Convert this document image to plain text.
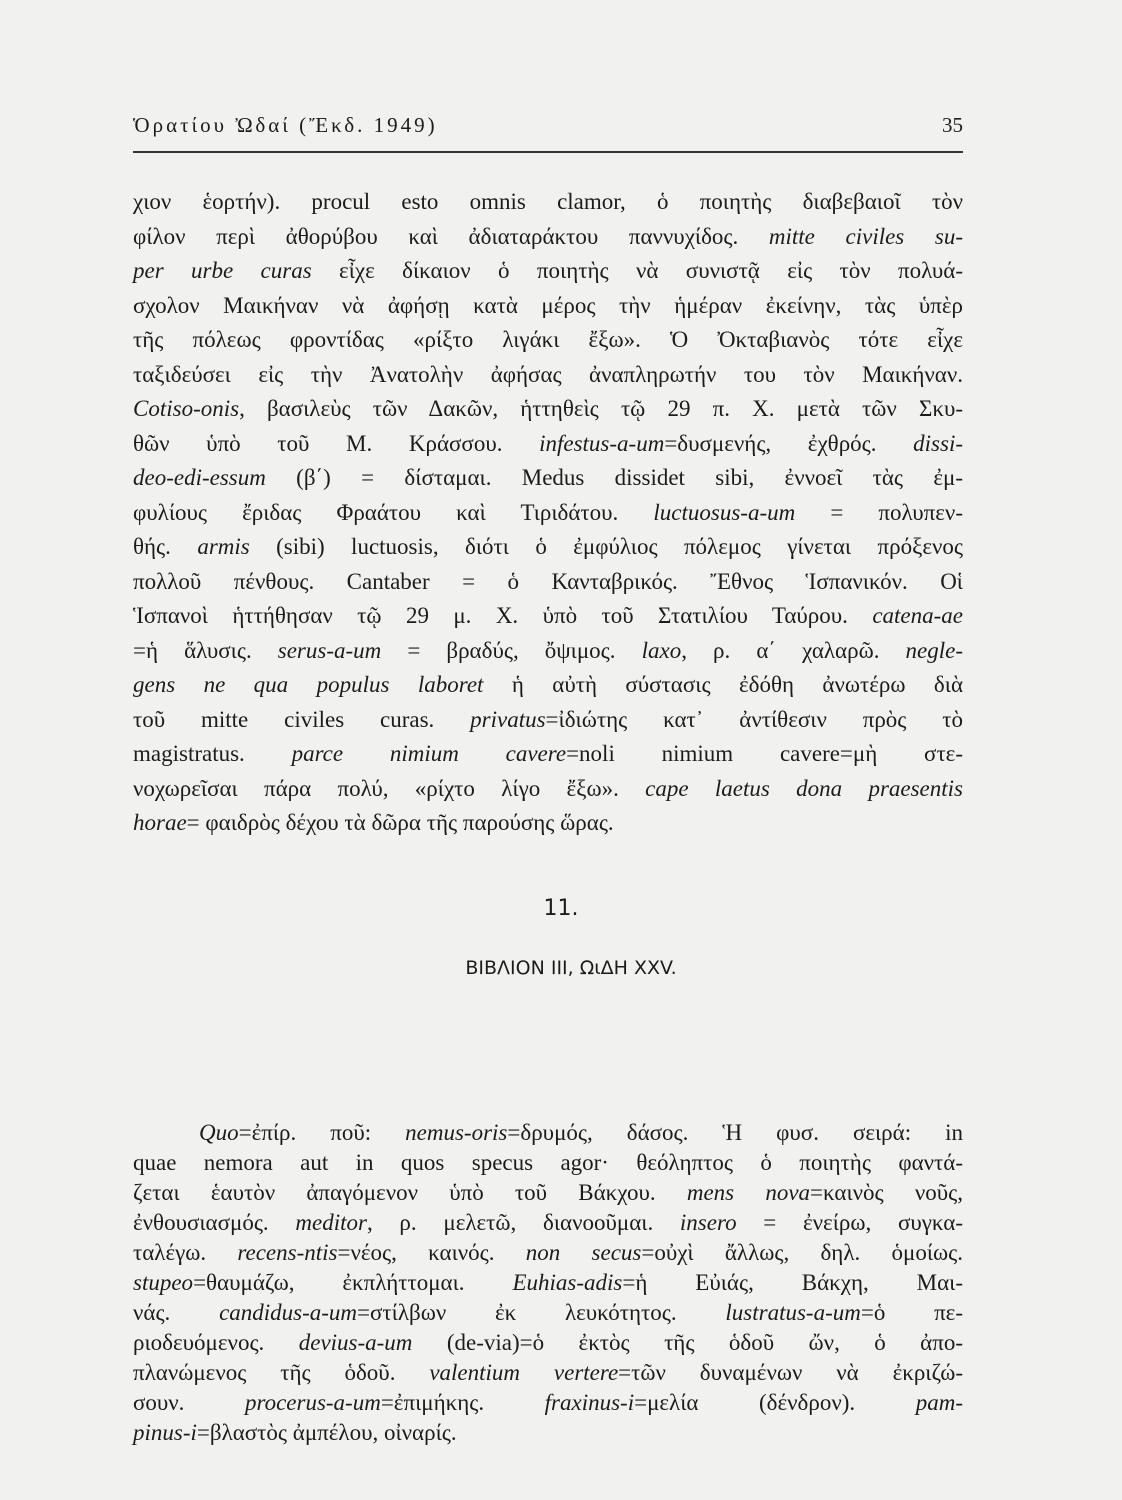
Ὁρατίου Ὠδαί (Ἔκδ. 1949)	35
χιον ἑορτήν). procul esto omnis clamor, ὁ ποιητὴς διαβεβαιοῖ τὸν
φίλον περὶ ἀθορύβου καὶ ἀδιαταράκτου παννυχίδος. mitte civiles su-
per urbe curas εἶχε δίκαιον ὁ ποιητὴς νὰ συνιστᾷ εἰς τὸν πολυά-
σχολον Μαικήναν νὰ ἀφήσῃ κατὰ μέρος τὴν ἡμέραν ἐκείνην, τὰς ὑπὲρ
τῆς πόλεως φροντίδας «ρίξτο λιγάκι ἔξω». Ὁ Ὀκταβιανὸς τότε εἶχε
ταξιδεύσει εἰς τὴν Ἀνατολὴν ἀφήσας ἀναπληρωτήν του τὸν Μαικήναν.
Cotiso-onis, βασιλεὺς τῶν Δακῶν, ἡττηθεὶς τῷ 29 π. Χ. μετὰ τῶν Σκυ-
θῶν ὑπὸ τοῦ Μ. Κράσσου. infestus-a-um=δυσμενής, ἐχθρός. dissi-
deo-edi-essum (β΄) = δίσταμαι. Medus dissidet sibi, ἐννοεῖ τὰς ἐμ-
φυλίους ἔριδας Φραάτου καὶ Τιριδάτου. luctuosus-a-um = πολυπεν-
θής. armis (sibi) luctuosis, διότι ὁ ἐμφύλιος πόλεμος γίνεται πρόξενος
πολλοῦ πένθους. Cantaber = ὁ Κανταβρικός. Ἔθνος Ἱσπανικόν. Οἱ
Ἱσπανοὶ ἡττήθησαν τῷ 29 μ. Χ. ὑπὸ τοῦ Στατιλίου Ταύρου. catena-ae
=ἡ ἅλυσις. serus-a-um = βραδύς, ὄψιμος. laxo, ρ. α΄ χαλαρῶ. negle-
gens ne qua populus laboret ἡ αὐτὴ σύστασις ἐδόθη ἀνωτέρω διὰ
τοῦ mitte civiles curas. privatus=ἰδιώτης κατ᾽ ἀντίθεσιν πρὸς τὸ
magistratus. parce nimium cavere=noli nimium cavere=μὴ στε-
νοχωρεῖσαι πάρα πολύ, «ρίχτο λίγο ἔξω». cape laetus dona praesentis
horae= φαιδρὸς δέχου τὰ δῶρα τῆς παρούσης ὥρας.
11.
ΒΙΒΛΙΟΝ ΙΙΙ, ΩιΔΗ XXV.
Quo=ἐπίρ. ποῦ: nemus-oris=δρυμός, δάσος. Ἡ φυσ. σειρά: in
quae nemora aut in quos specus agor· θεόληπτος ὁ ποιητὴς φαντά-
ζεται ἑαυτὸν ἀπαγόμενον ὑπὸ τοῦ Βάκχου. mens nova=καινὸς νοῦς,
ἐνθουσιασμός. meditor, ρ. μελετῶ, διανοοῦμαι. insero = ἐνείρω, συγκα-
ταλέγω. recens-ntis=νέος, καινός. non secus=οὐχὶ ἄλλως, δηλ. ὁμοίως.
stupeo=θαυμάζω, ἐκπλήττομαι. Euhias-adis=ἡ Εὐιάς, Βάκχη, Μαι-
νάς. candidus-a-um=στίλβων ἐκ λευκότητος. lustratus-a-um=ὁ πε-
ριοδευόμενος. devius-a-um (de-via)=ὁ ἐκτὸς τῆς ὁδοῦ ὤν, ὁ ἀπο-
πλανώμενος τῆς ὁδοῦ. valentium vertere=τῶν δυναμένων νὰ ἐκριζώ-
σουν. procerus-a-um=ἐπιμήκης. fraxinus-i=μελία (δένδρον). pam-
pinus-i=βλαστὸς ἀμπέλου, οἰναρίς.
